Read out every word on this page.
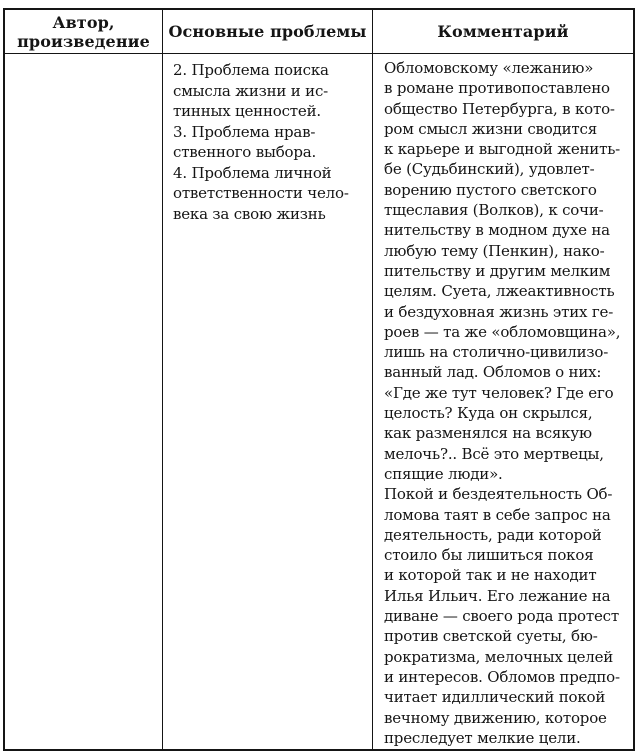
Автор,
произведение Основные проблемы	Комментарий
2. Проблема поиска
смысла жизни и ис-
тинных ценностей.
3. Проблема нрав-
ственного выбора.
4. Проблема личной
ответственности чело-
века за свою жизнь
Обломовскому «лежанию»
в романе противопоставлено
общество Петербурга, в кото-
ром смысл жизни сводится
к карьере и выгодной женить-
бе (Судьбинский), удовлет-
ворению пустого светского
тщеславия (Волков), к сочи-
нительству в модном духе на
любую тему (Пенкин), нако-
пительству и другим мелким
целям. Суета, лжеактивность
и бездуховная жизнь этих ге-
роев — та же «обломовщина»,
лишь на столично-цивилизо-
ванный лад. Обломов о них:
«Где же тут человек? Где его
целость? Куда он скрылся,
как разменялся на всякую
мелочь?.. Всё это мертвецы,
спящие люди».
Покой и бездеятельность Об-
ломова таят в себе запрос на
деятельность, ради которой
стоило бы лишиться покоя
и которой так и не находит
Илья Ильич. Его лежание на
диване — своего рода протест
против светской суеты, бю-
рократизма, мелочных целей
и интересов. Обломов предпо-
читает идиллический покой
вечному движению, которое
преследует мелкие цели.
